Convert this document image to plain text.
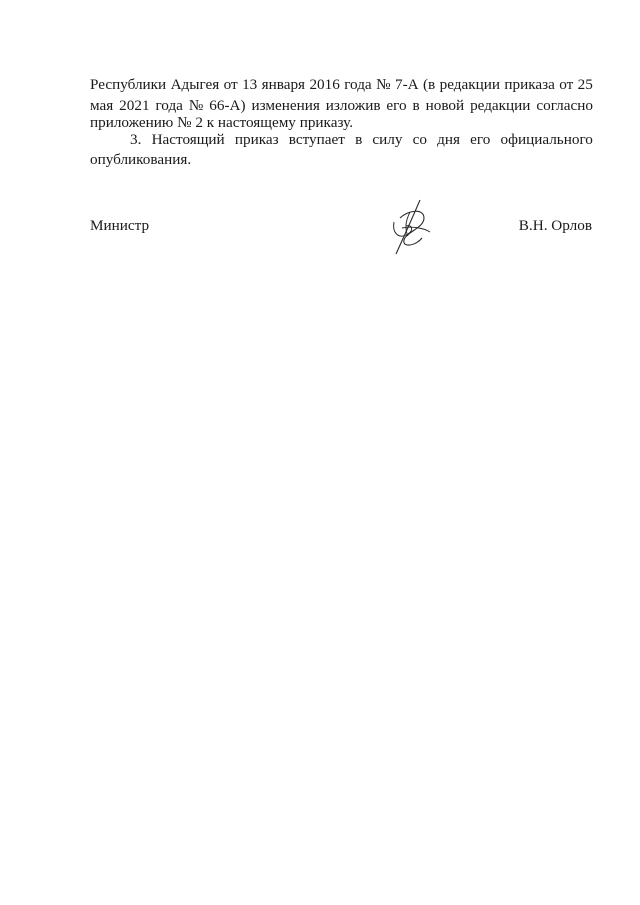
Республики Адыгея от 13 января 2016 года № 7-А (в редакции приказа от 25
мая 2021 года № 66-А) изменения изложив его в новой редакции согласно
приложению № 2 к настоящему приказу.
3. Настоящий приказ вступает в силу со дня его официального
опубликования.
Министр	В.Н. Орлов
